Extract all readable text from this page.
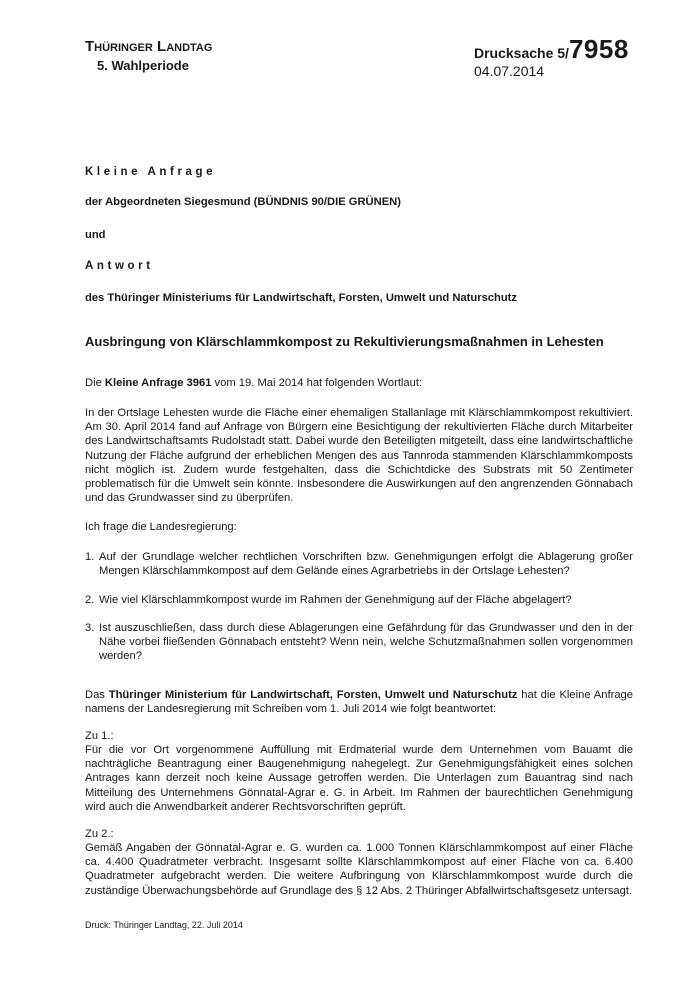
THÜRINGER LANDTAG
5. Wahlperiode
Drucksache 5/7958
04.07.2014
Kleine Anfrage
der Abgeordneten Siegesmund (BÜNDNIS 90/DIE GRÜNEN)
und
Antwort
des Thüringer Ministeriums für Landwirtschaft, Forsten, Umwelt und Naturschutz
Ausbringung von Klärschlammkompost zu Rekultivierungsmaßnahmen in Lehesten
Die Kleine Anfrage 3961 vom 19. Mai 2014 hat folgenden Wortlaut:
In der Ortslage Lehesten wurde die Fläche einer ehemaligen Stallanlage mit Klärschlammkompost rekultiviert. Am 30. April 2014 fand auf Anfrage von Bürgern eine Besichtigung der rekultivierten Fläche durch Mitarbeiter des Landwirtschaftsamts Rudolstadt statt. Dabei wurde den Beteiligten mitgeteilt, dass eine landwirtschaftliche Nutzung der Fläche aufgrund der erheblichen Mengen des aus Tannroda stammenden Klärschlammkomposts nicht möglich ist. Zudem wurde festgehalten, dass die Schichtdicke des Substrats mit 50 Zentimeter problematisch für die Umwelt sein könnte. Insbesondere die Auswirkungen auf den angrenzenden Gönnabach und das Grundwasser sind zu überprüfen.
Ich frage die Landesregierung:
1. Auf der Grundlage welcher rechtlichen Vorschriften bzw. Genehmigungen erfolgt die Ablagerung großer Mengen Klärschlammkompost auf dem Gelände eines Agrarbetriebs in der Ortslage Lehesten?

2. Wie viel Klärschlammkompost wurde im Rahmen der Genehmigung auf der Fläche abgelagert?

3. Ist auszuschließen, dass durch diese Ablagerungen eine Gefährdung für das Grundwasser und den in der Nähe vorbei fließenden Gönnabach entsteht? Wenn nein, welche Schutzmaßnahmen sollen vorgenommen werden?

Das Thüringer Ministerium für Landwirtschaft, Forsten, Umwelt und Naturschutz hat die Kleine Anfrage namens der Landesregierung mit Schreiben vom 1. Juli 2014 wie folgt beantwortet:
Zu 1.:
Für die vor Ort vorgenommene Auffüllung mit Erdmaterial wurde dem Unternehmen vom Bauamt die nachträgliche Beantragung einer Baugenehmigung nahegelegt. Zur Genehmigungsfähigkeit eines solchen Antrages kann derzeit noch keine Aussage getroffen werden. Die Unterlagen zum Bauantrag sind nach Mitteilung des Unternehmens Gönnatal-Agrar e. G. in Arbeit. Im Rahmen der baurechtlichen Genehmigung wird auch die Anwendbarkeit anderer Rechtsvorschriften geprüft.
Zu 2.:
Gemäß Angaben der Gönnatal-Agrar e. G. wurden ca. 1.000 Tonnen Klärschlammkompost auf einer Fläche ca. 4.400 Quadratmeter verbracht. Insgesamt sollte Klärschlammkompost auf einer Fläche von ca. 6.400 Quadratmeter aufgebracht werden. Die weitere Aufbringung von Klärschlammkompost wurde durch die zuständige Überwachungsbehörde auf Grundlage des § 12 Abs. 2 Thüringer Abfallwirtschaftsgesetz untersagt.
Druck: Thüringer Landtag, 22. Juli 2014
